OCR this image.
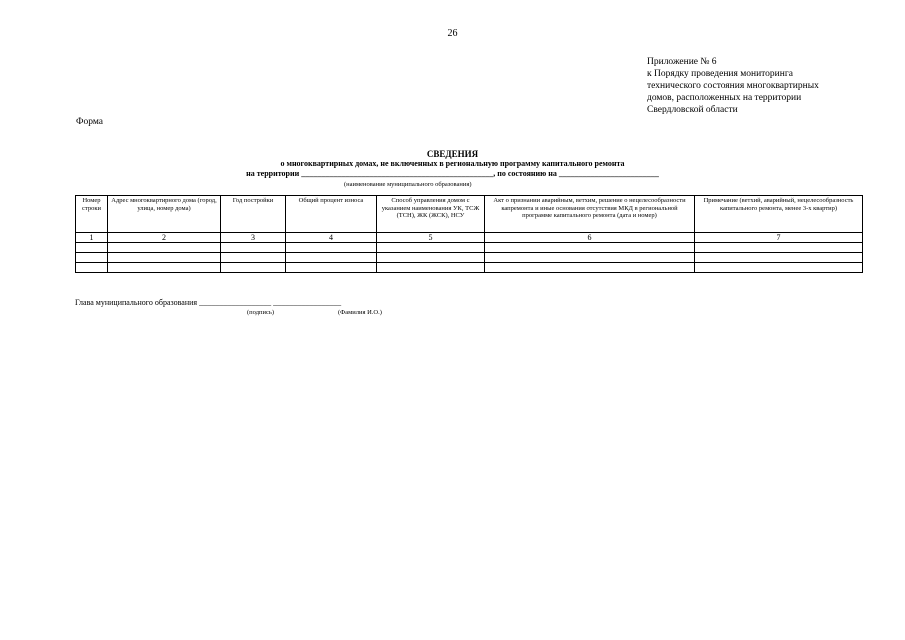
26
Приложение № 6
к Порядку проведения мониторинга
технического состояния многоквартирных
домов, расположенных на территории
Свердловской области
Форма
СВЕДЕНИЯ
о многоквартирных домах, не включенных в региональную программу капитального ремонта
на территории ________________________________________________, по состоянию на _________________________
(наименование муниципального образования)
Номер строки	Адрес многоквартирного дома (город, улица, номер дома)	Год постройки	Общий процент износа	Способ управления домом с указанием наименования УК, ТСЖ (ТСН), ЖК (ЖСК), НСУ	Акт о признании аварийным, ветхим, решение о нецелесообразности капремонта и иные основания отсутствия МКД в региональной программе капитального ремонта (дата и номер)	Примечание (ветхий, аварийный, нецелесообразность капитального ремонта, менее 3-х квартир)
1	2	3	4	5	6	7

Глава муниципального образования __________________ _________________
(подпись)	(Фамилия И.О.)
